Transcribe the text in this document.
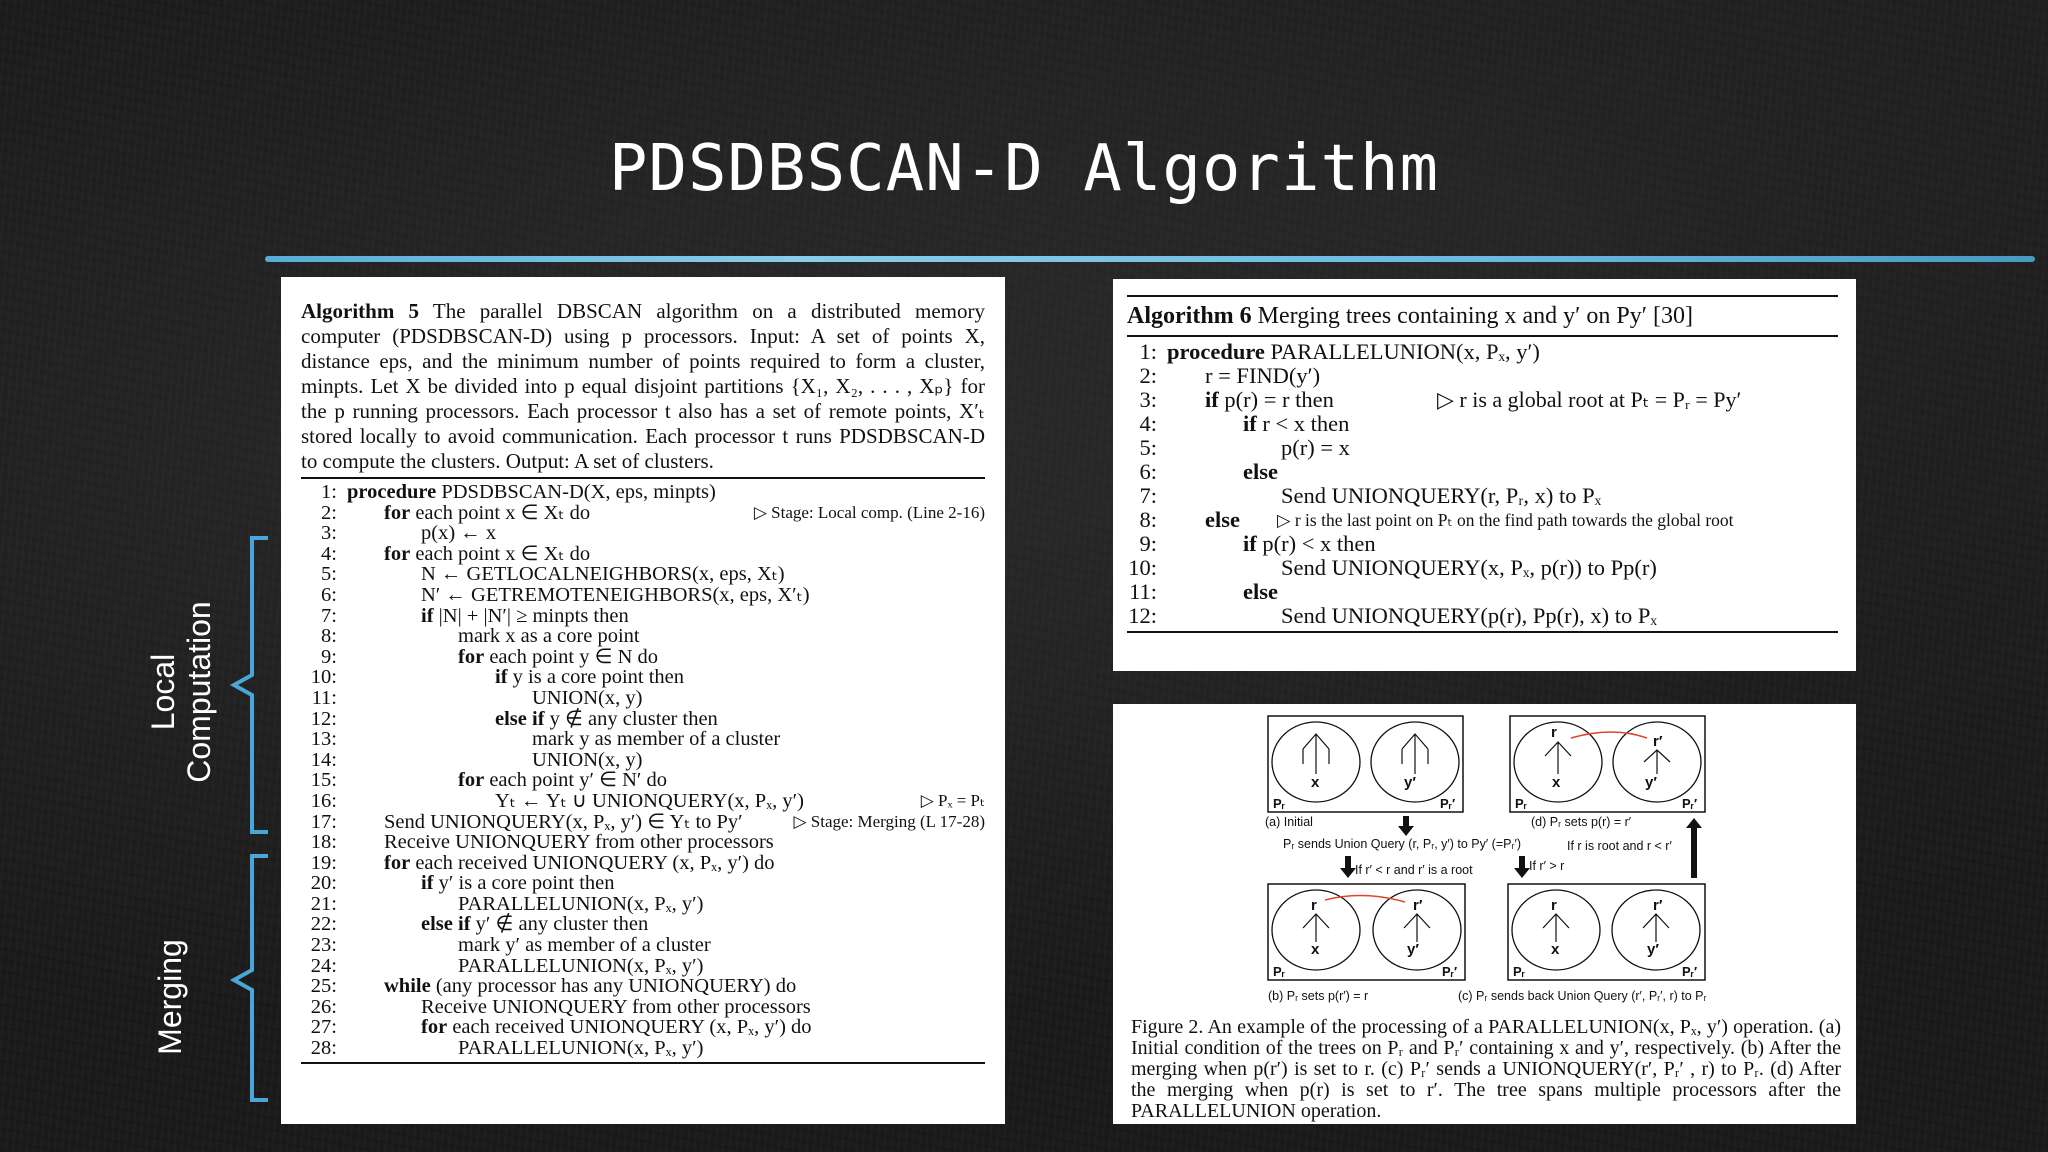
PDSDBSCAN-D Algorithm
Local Computation
Merging
Algorithm 5 The parallel DBSCAN algorithm on a distributed memory computer (PDSDBSCAN-D) using p processors. Input: A set of points X, distance eps, and the minimum number of points required to form a cluster, minpts. Let X be divided into p equal disjoint partitions {X₁, X₂, . . . , Xₚ} for the p running processors. Each processor t also has a set of remote points, X′ₜ stored locally to avoid communication. Each processor t runs PDSDBSCAN-D to compute the clusters. Output: A set of clusters.
1: procedure PDSDBSCAN-D(X, eps, minpts)
2: for each point x ∈ Xₜ do	▷ Stage: Local comp. (Line 2-16)
3:	p(x) ← x
4: for each point x ∈ Xₜ do
5:	N ← GETLOCALNEIGHBORS(x, eps, Xₜ)
6:	N′ ← GETREMOTENEIGHBORS(x, eps, X′ₜ)
7:	if |N| + |N′| ≥ minpts then
8:	mark x as a core point
9:	for each point y ∈ N do
10:	if y is a core point then
11:	UNION(x, y)
12:	else if y ∉ any cluster then
13:	mark y as member of a cluster
14:	UNION(x, y)
15:	for each point y′ ∈ N′ do
16:	Yₜ ← Yₜ ∪ UNIONQUERY(x, Pₓ, y′)	▷ Pₓ = Pₜ
17: Send UNIONQUERY(x, Pₓ, y′) ∈ Yₜ to Py′	▷ Stage: Merging (L 17-28)
18: Receive UNIONQUERY from other processors
19: for each received UNIONQUERY (x, Pₓ, y′) do
20:	if y′ is a core point then
21:	PARALLELUNION(x, Pₓ, y′)
22:	else if y′ ∉ any cluster then
23:	mark y′ as member of a cluster
24:	PARALLELUNION(x, Pₓ, y′)
25: while (any processor has any UNIONQUERY) do
26:	Receive UNIONQUERY from other processors
27:	for each received UNIONQUERY (x, Pₓ, y′) do
28:	PARALLELUNION(x, Pₓ, y′)
Algorithm 6 Merging trees containing x and y′ on Py′ [30]
1: procedure PARALLELUNION(x, Pₓ, y′)
2: r = FIND(y′)
3: if p(r) = r then	▷ r is a global root at Pₜ = Pᵣ = Py′
4:	if r < x then
5:	p(r) = x
6:	else
7:	Send UNIONQUERY(r, Pᵣ, x) to Pₓ
8: else ▷ r is the last point on Pₜ on the find path towards the global root
9:	if p(r) < x then
10:	Send UNIONQUERY(x, Pₓ, p(r)) to Pp(r)
11:	else
12:	Send UNIONQUERY(p(r), Pp(r), x) to Pₓ
x	y′
r
r′
x	y′
r	r′
x	y′
r	r′
x	y′
Pᵣ	Pᵣ′	Pᵣ	Pᵣ′
Pᵣ	Pᵣ′	Pᵣ	Pᵣ′
(a) Initial	(d) Pᵣ sets p(r) = r′
Pᵣ sends Union Query (r, Pᵣ, y′) to Py′ (=Pᵣ′)	If r is root and r < r′
If r′ < r and r′ is a root	If r′ > r
(b) Pᵣ sets p(r′) = r	(c) Pᵣ sends back Union Query (r′, Pᵣ′, r) to Pᵣ
Figure 2. An example of the processing of a PARALLELUNION(x, Pₓ, y′) operation. (a) Initial condition of the trees on Pᵣ and Pᵣ′ containing x and y′, respectively. (b) After the merging when p(r′) is set to r. (c) Pᵣ′ sends a UNIONQUERY(r′, Pᵣ′ , r) to Pᵣ. (d) After the merging when p(r) is set to r′. The tree spans multiple processors after the PARALLELUNION operation.
